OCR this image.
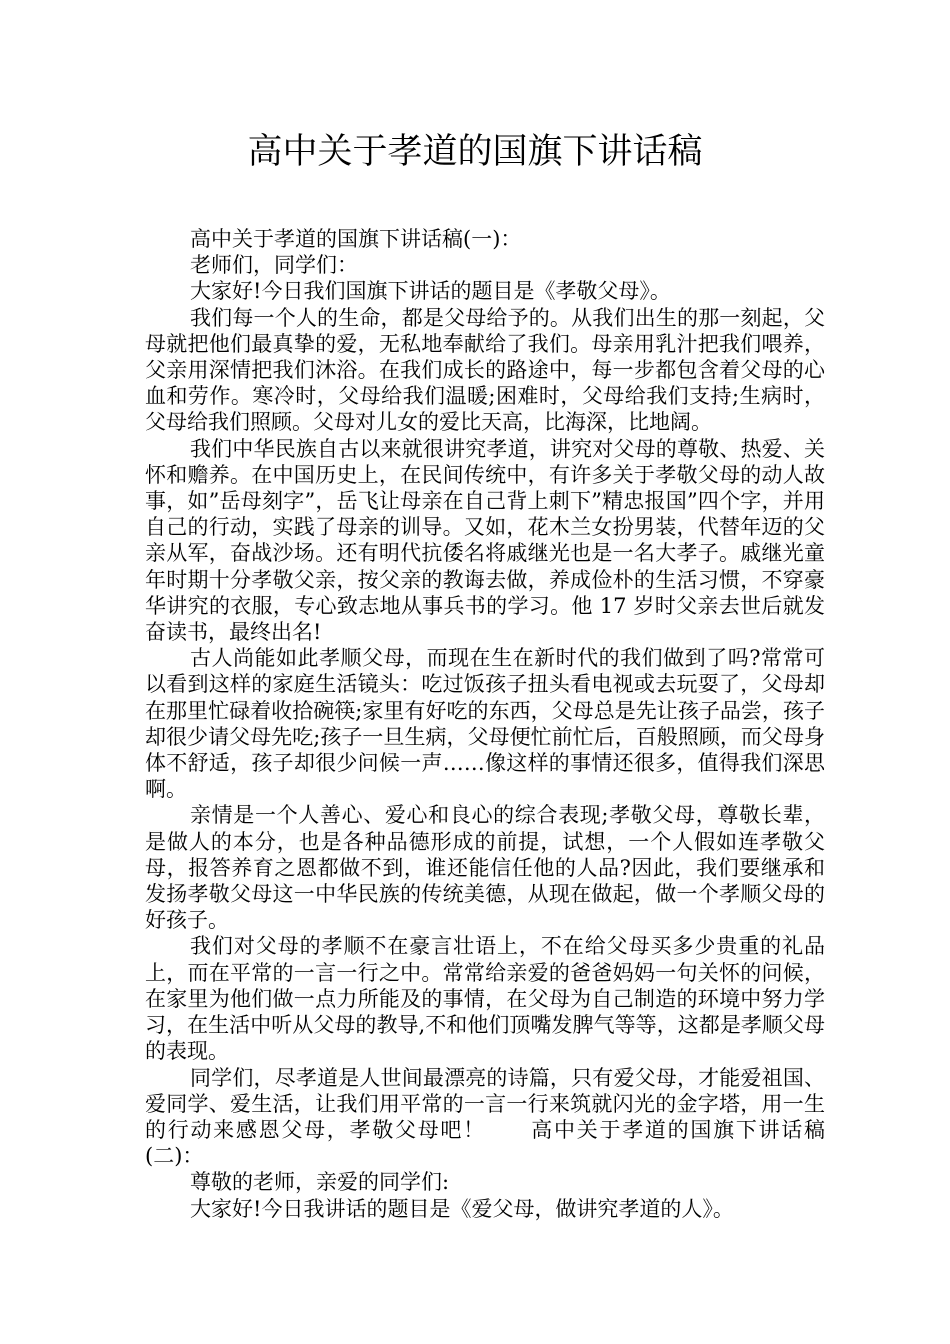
高中关于孝道的国旗下讲话稿

高中关于孝道的国旗下讲话稿(一)：

老师们，同学们：

大家好!今日我们国旗下讲话的题目是《孝敬父母》。

我们每一个人的生命，都是父母给予的。从我们出生的那一刻起，父母就把他们最真挚的爱，无私地奉献给了我们。母亲用乳汁把我们喂养，父亲用深情把我们沐浴。在我们成长的路途中，每一步都包含着父母的心血和劳作。寒冷时，父母给我们温暖;困难时，父母给我们支持;生病时，父母给我们照顾。父母对儿女的爱比天高，比海深，比地阔。

我们中华民族自古以来就很讲究孝道，讲究对父母的尊敬、热爱、关怀和赡养。在中国历史上，在民间传统中，有许多关于孝敬父母的动人故事，如”岳母刻字”，岳飞让母亲在自己背上刺下”精忠报国”四个字，并用自己的行动，实践了母亲的训导。又如，花木兰女扮男装，代替年迈的父亲从军，奋战沙场。还有明代抗倭名将戚继光也是一名大孝子。戚继光童年时期十分孝敬父亲，按父亲的教诲去做，养成俭朴的生活习惯，不穿豪华讲究的衣服，专心致志地从事兵书的学习。他 17 岁时父亲去世后就发奋读书，最终出名!

古人尚能如此孝顺父母，而现在生在新时代的我们做到了吗?常常可以看到这样的家庭生活镜头：吃过饭孩子扭头看电视或去玩耍了，父母却在那里忙碌着收拾碗筷;家里有好吃的东西，父母总是先让孩子品尝，孩子却很少请父母先吃;孩子一旦生病，父母便忙前忙后，百般照顾，而父母身体不舒适，孩子却很少问候一声……像这样的事情还很多，值得我们深思啊。

亲情是一个人善心、爱心和良心的综合表现;孝敬父母，尊敬长辈，是做人的本分，也是各种品德形成的前提，试想，一个人假如连孝敬父母，报答养育之恩都做不到，谁还能信任他的人品?因此，我们要继承和发扬孝敬父母这一中华民族的传统美德，从现在做起，做一个孝顺父母的好孩子。

我们对父母的孝顺不在豪言壮语上，不在给父母买多少贵重的礼品上，而在平常的一言一行之中。常常给亲爱的爸爸妈妈一句关怀的问候，在家里为他们做一点力所能及的事情，在父母为自己制造的环境中努力学习，在生活中听从父母的教导,不和他们顶嘴发脾气等等，这都是孝顺父母的表现。

同学们，尽孝道是人世间最漂亮的诗篇，只有爱父母，才能爱祖国、爱同学、爱生活，让我们用平常的一言一行来筑就闪光的金字塔，用一生的行动来感恩父母，孝敬父母吧！　　高中关于孝道的国旗下讲话稿(二)：

尊敬的老师，亲爱的同学们:

大家好!今日我讲话的题目是《爱父母，做讲究孝道的人》。
